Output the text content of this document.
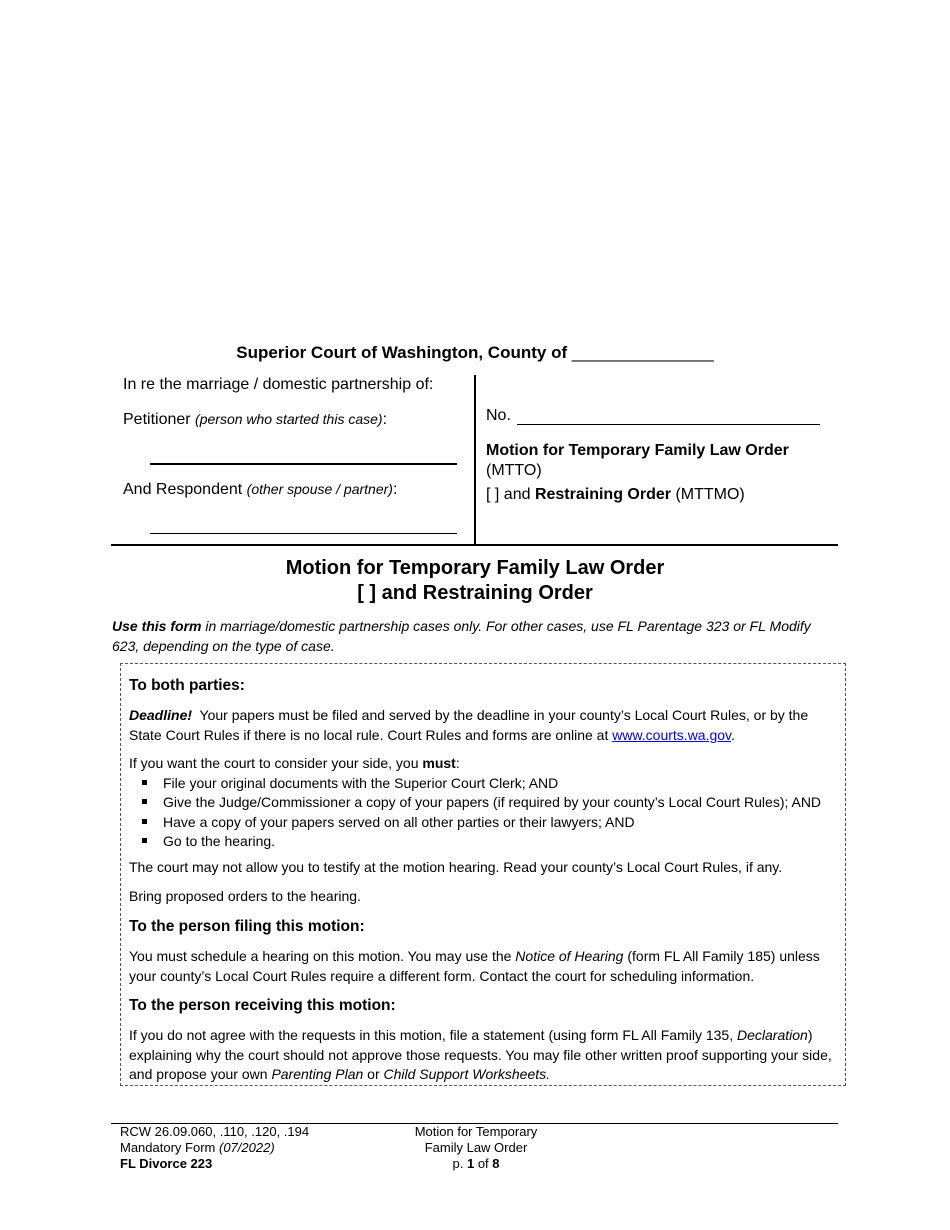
Superior Court of Washington, County of _______________
In re the marriage / domestic partnership of:
Petitioner (person who started this case):
And Respondent (other spouse / partner):
No.
Motion for Temporary Family Law Order
(MTTO)
[ ] and Restraining Order (MTTMO)
Motion for Temporary Family Law Order
[ ] and Restraining Order
Use this form in marriage/domestic partnership cases only. For other cases, use FL Parentage 323 or FL Modify 623, depending on the type of case.
To both parties:
Deadline! Your papers must be filed and served by the deadline in your county’s Local Court Rules, or by the State Court Rules if there is no local rule. Court Rules and forms are online at www.courts.wa.gov.
If you want the court to consider your side, you must:
File your original documents with the Superior Court Clerk; AND
Give the Judge/Commissioner a copy of your papers (if required by your county’s Local Court Rules); AND
Have a copy of your papers served on all other parties or their lawyers; AND
Go to the hearing.
The court may not allow you to testify at the motion hearing. Read your county’s Local Court Rules, if any.
Bring proposed orders to the hearing.
To the person filing this motion:
You must schedule a hearing on this motion. You may use the Notice of Hearing (form FL All Family 185) unless your county’s Local Court Rules require a different form. Contact the court for scheduling information.
To the person receiving this motion:
If you do not agree with the requests in this motion, file a statement (using form FL All Family 135, Declaration) explaining why the court should not approve those requests. You may file other written proof supporting your side, and propose your own Parenting Plan or Child Support Worksheets.
RCW 26.09.060, .110, .120, .194
Mandatory Form (07/2022)
FL Divorce 223
Motion for Temporary
Family Law Order
p. 1 of 8
